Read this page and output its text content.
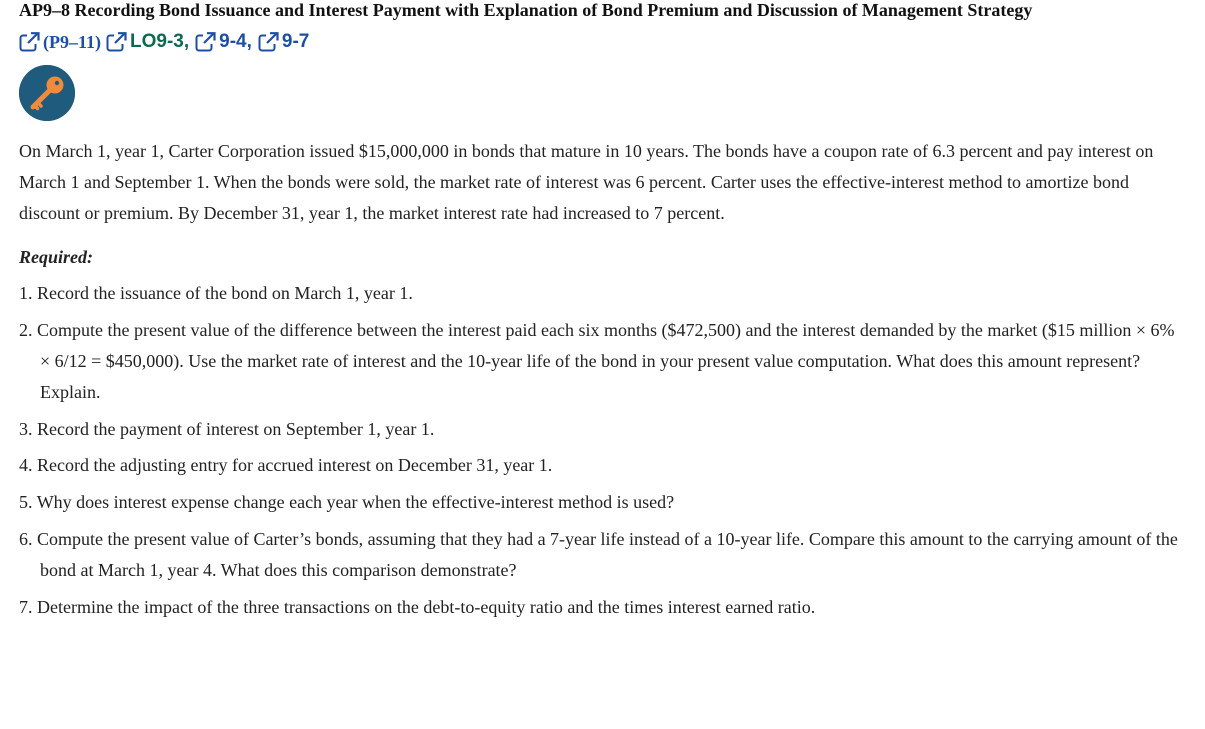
AP9–8 Recording Bond Issuance and Interest Payment with Explanation of Bond Premium and Discussion of Management Strategy
(P9–11) LO9-3 , 9-4 , 9-7

On March 1, year 1, Carter Corporation issued $15,000,000 in bonds that mature in 10 years. The bonds have a coupon rate of 6.3 percent and pay interest on March 1 and September 1. When the bonds were sold, the market rate of interest was 6 percent. Carter uses the effective-interest method to amortize bond discount or premium. By December 31, year 1, the market interest rate had increased to 7 percent.

Required:
1. Record the issuance of the bond on March 1, year 1.
2. Compute the present value of the difference between the interest paid each six months ($472,500) and the interest demanded by the market ($15 million × 6% × 6/12 = $450,000). Use the market rate of interest and the 10-year life of the bond in your present value computation. What does this amount represent? Explain.
3. Record the payment of interest on September 1, year 1.
4. Record the adjusting entry for accrued interest on December 31, year 1.
5. Why does interest expense change each year when the effective-interest method is used?
6. Compute the present value of Carter’s bonds, assuming that they had a 7-year life instead of a 10-year life. Compare this amount to the carrying amount of the bond at March 1, year 4. What does this comparison demonstrate?
7. Determine the impact of the three transactions on the debt-to-equity ratio and the times interest earned ratio.
